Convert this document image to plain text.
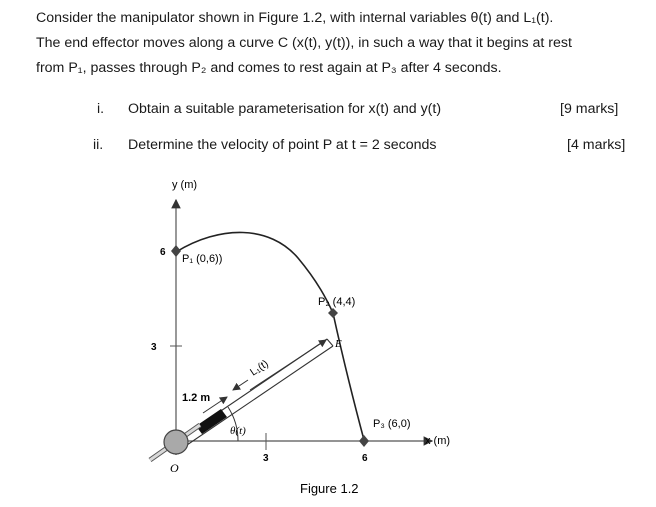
Consider the manipulator shown in Figure 1.2, with internal variables θ(t) and L₁(t).

The end effector moves along a curve C (x(t), y(t)), in such a way that it begins at rest

from P₁, passes through P₂ and comes to rest again at P₃ after 4 seconds.

i. Obtain a suitable parameterisation for x(t) and y(t)	[9 marks]
ii. Determine the velocity of point P at t = 2 seconds	[4 marks]
y (m)
x (m)
3
6
3	6
P₁ (0,6))
P₂ (4,4)
P₃ (6,0)
E
1.2 m
L₁(t)
θ(t)
O
Figure 1.2
